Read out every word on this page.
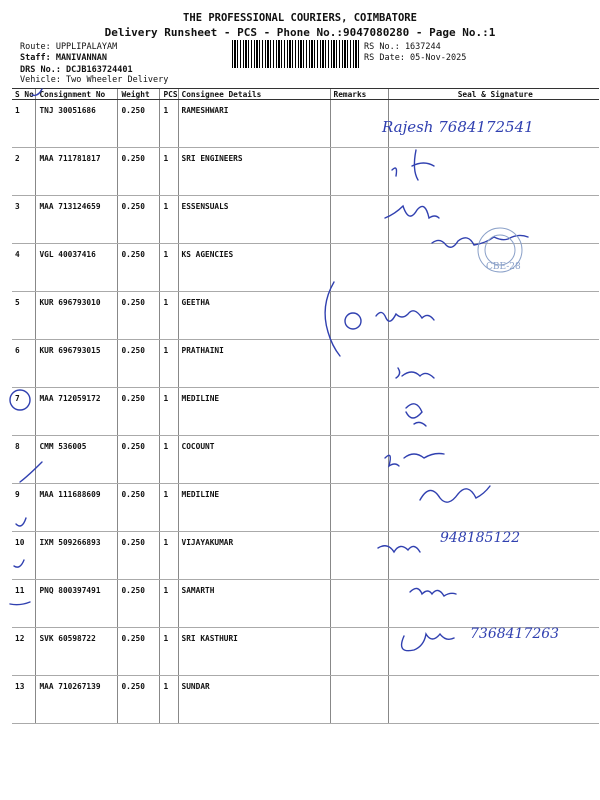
THE PROFESSIONAL COURIERS, COIMBATORE
Delivery Runsheet - PCS - Phone No.:9047080280 - Page No.:1
Route: UPPLIPALAYAM
Staff: MANIVANNAN
DRS No.: DCJB163724401
Vehicle: Two Wheeler Delivery
RS No.: 1637244
RS Date: 05-Nov-2025
S No	Consignment No	Weight	PCS	Consignee Details	Remarks	Seal & Signature
1	TNJ 30051686	0.250	1	RAMESHWARI		
2	MAA 711781817	0.250	1	SRI ENGINEERS		
3	MAA 713124659	0.250	1	ESSENSUALS		
4	VGL 40037416	0.250	1	KS AGENCIES		
5	KUR 696793010	0.250	1	GEETHA		
6	KUR 696793015	0.250	1	PRATHAINI		
7	MAA 712059172	0.250	1	MEDILINE		
8	CMM 536005	0.250	1	COCOUNT		
9	MAA 111688609	0.250	1	MEDILINE		
10	IXM 509266893	0.250	1	VIJAYAKUMAR		
11	PNQ 800397491	0.250	1	SAMARTH		
12	SVK 60598722	0.250	1	SRI KASTHURI		
13	MAA 710267139	0.250	1	SUNDAR		
Rajesh 7684172541
CBE-28
948185122
7368417263
